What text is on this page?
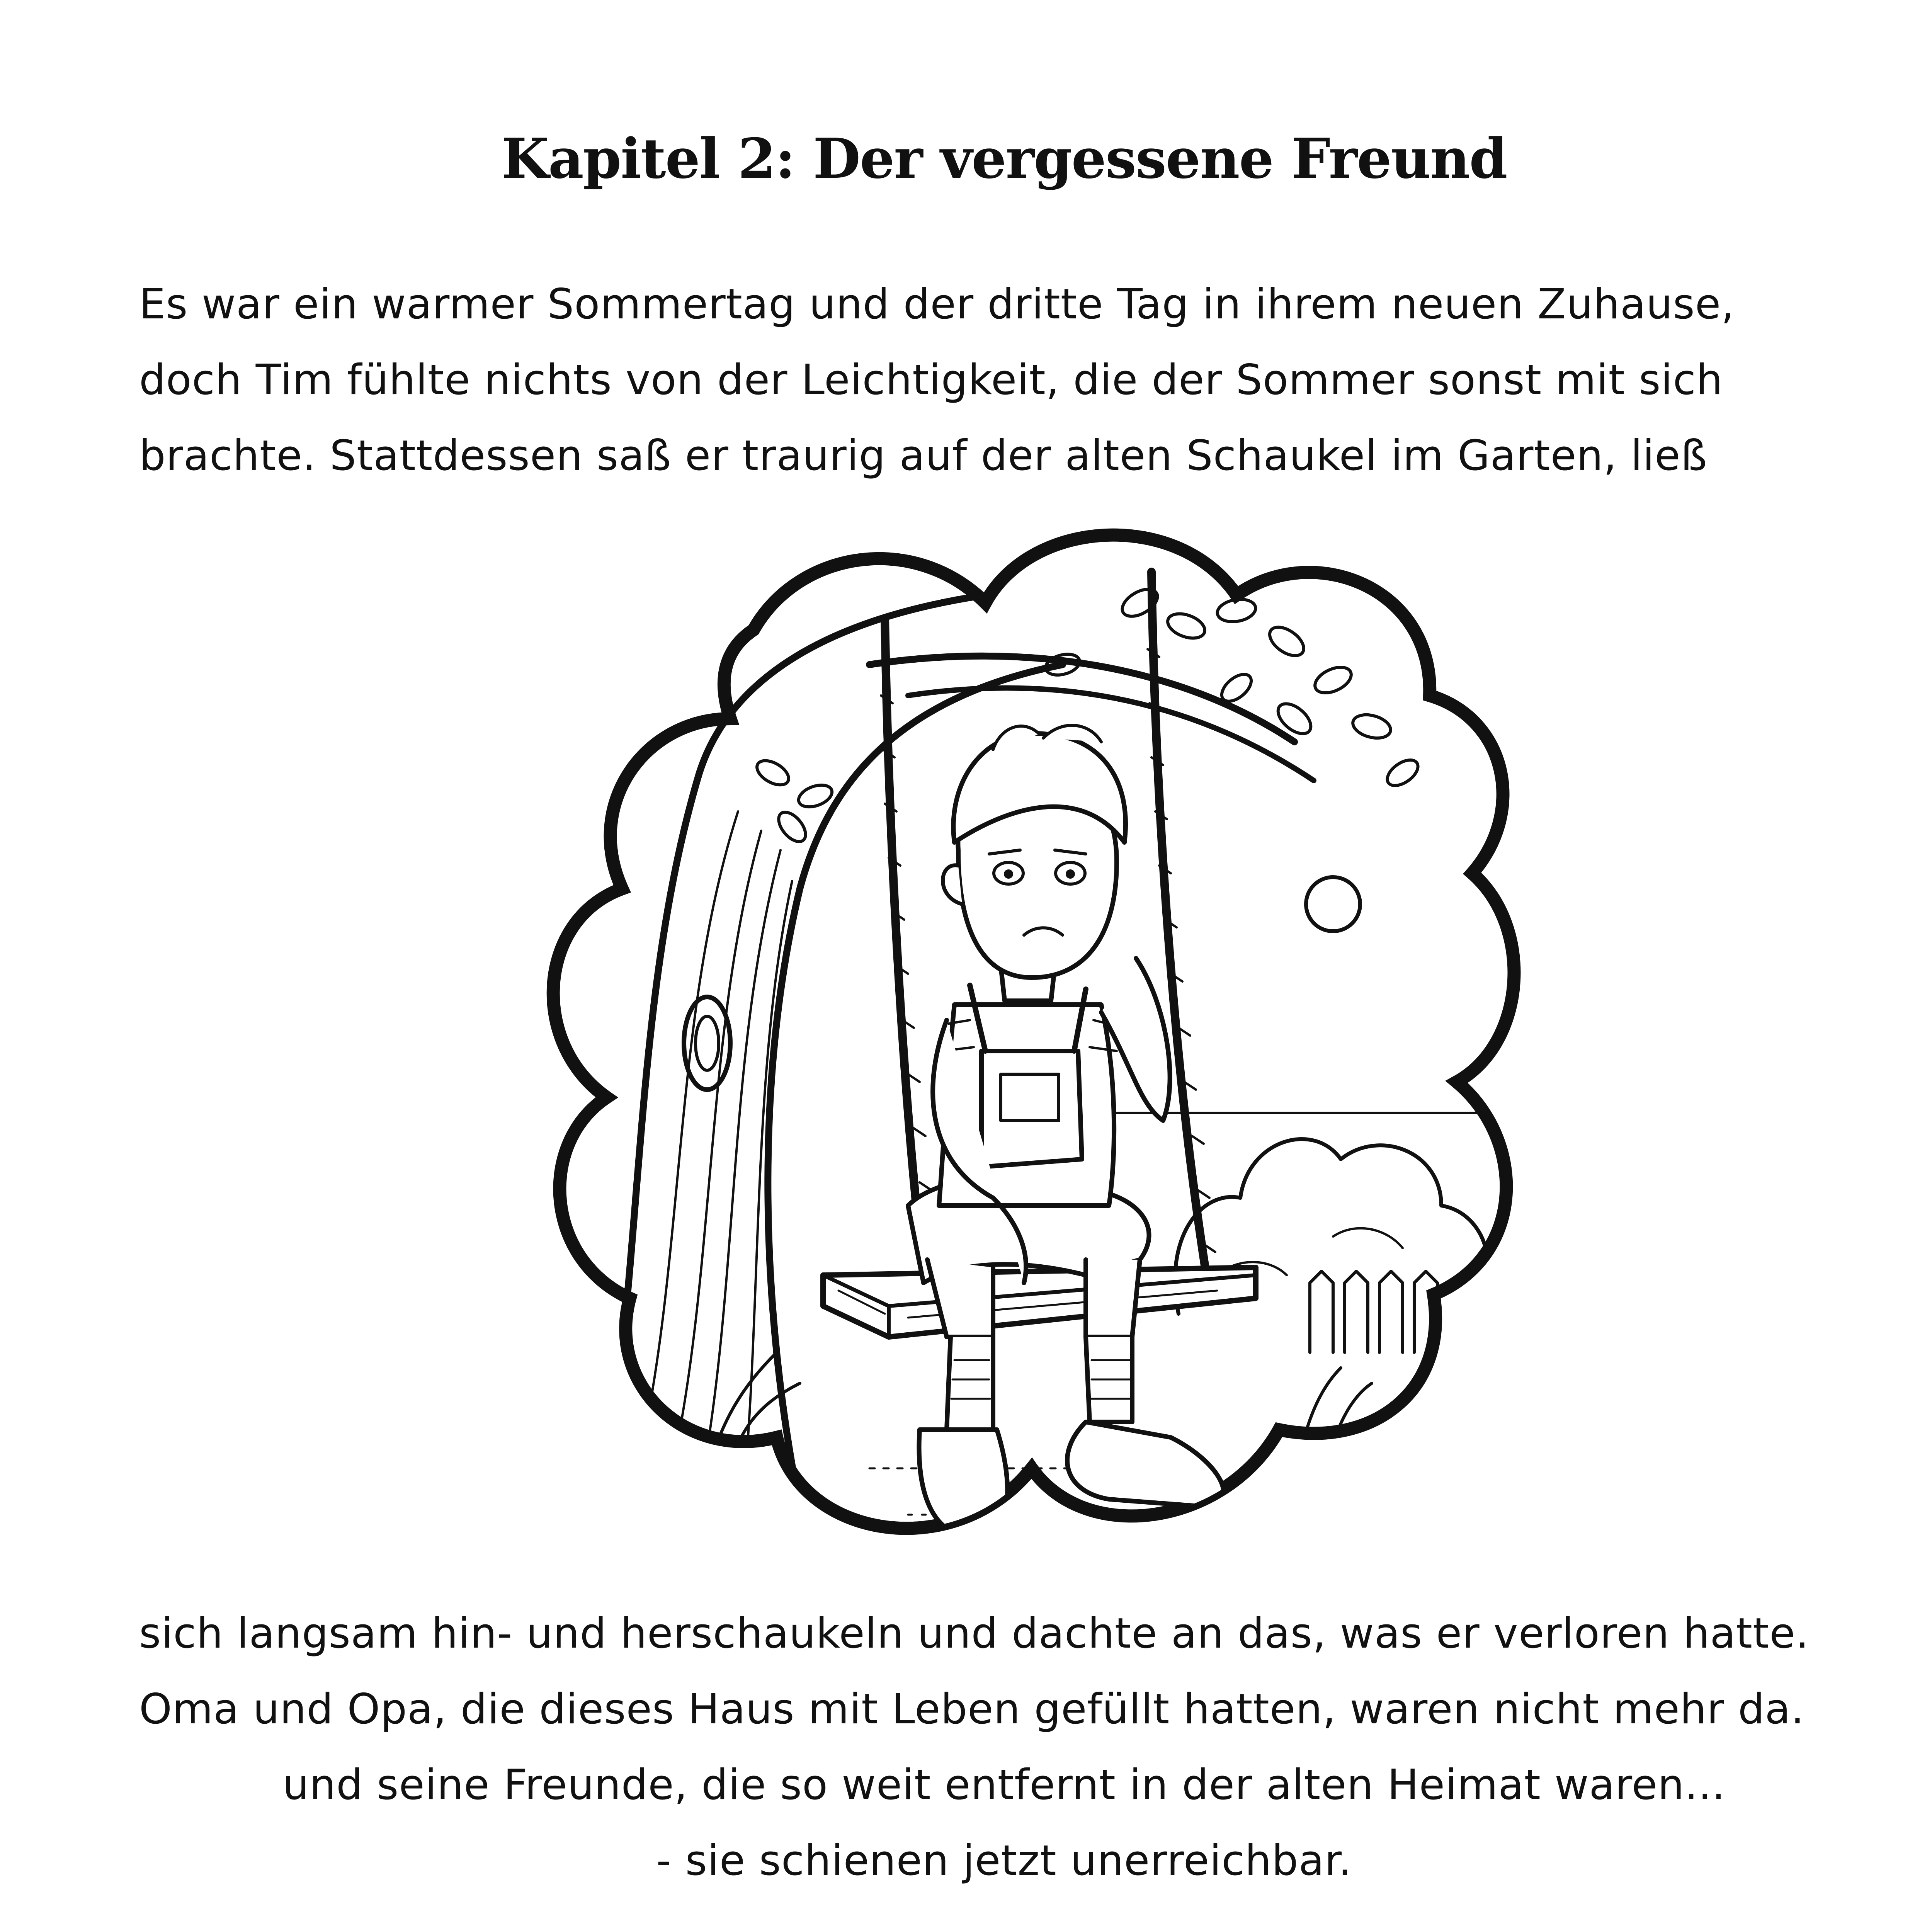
Kapitel 2: Der vergessene Freund
Es war ein warmer Sommertag und der dritte Tag in ihrem neuen Zuhause,
doch Tim fühlte nichts von der Leichtigkeit, die der Sommer sonst mit sich
brachte. Stattdessen saß er traurig auf der alten Schaukel im Garten, ließ
sich langsam hin- und herschaukeln und dachte an das, was er verloren hatte.
Oma und Opa, die dieses Haus mit Leben gefüllt hatten, waren nicht mehr da.
und seine Freunde, die so weit entfernt in der alten Heimat waren...
- sie schienen jetzt unerreichbar.
